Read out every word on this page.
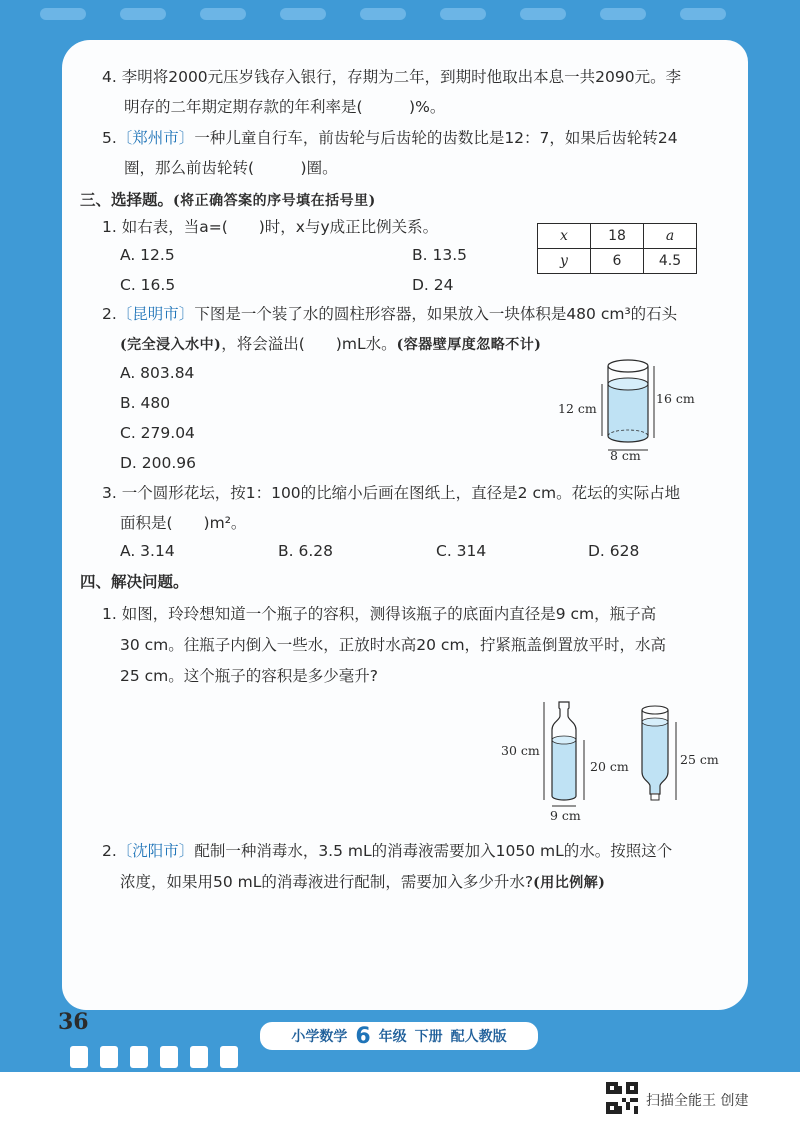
4. 李明将2000元压岁钱存入银行，存期为二年，到期时他取出本息一共2090元。李
明存的二年期定期存款的年利率是(　　　)%。
5.〔郑州市〕一种儿童自行车，前齿轮与后齿轮的齿数比是12：7，如果后齿轮转24
圈，那么前齿轮转(　　　)圈。
三、选择题。(将正确答案的序号填在括号里)
1. 如右表，当a=(　　)时，x与y成正比例关系。
A. 12.5	B. 13.5
C. 16.5	D. 24
x	18	a
y	6	4.5
2.〔昆明市〕下图是一个装了水的圆柱形容器，如果放入一块体积是480 cm³的石头
(完全浸入水中)，将会溢出(　　)mL水。(容器壁厚度忽略不计)
A. 803.84
B. 480
C. 279.04
D. 200.96
12 cm
16 cm
8 cm
3. 一个圆形花坛，按1：100的比缩小后画在图纸上，直径是2 cm。花坛的实际占地
面积是(　　)m²。
A. 3.14	B. 6.28	C. 314	D. 628
四、解决问题。
1. 如图，玲玲想知道一个瓶子的容积，测得该瓶子的底面内直径是9 cm，瓶子高
30 cm。往瓶子内倒入一些水，正放时水高20 cm，拧紧瓶盖倒置放平时，水高
25 cm。这个瓶子的容积是多少毫升?
30 cm
20 cm
9 cm
25 cm
2.〔沈阳市〕配制一种消毒水，3.5 mL的消毒液需要加入1050 mL的水。按照这个
浓度，如果用50 mL的消毒液进行配制，需要加入多少升水?(用比例解)
36
小学数学 6 年级 下册 配人教版
扫描全能王 创建
